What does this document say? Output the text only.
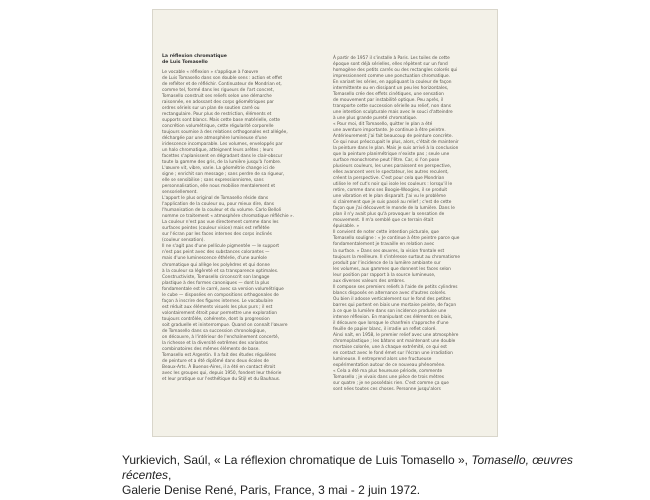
La réflexion chromatique
de Luis Tomasello

Le vocable « réflexion » s'applique à l'œuvre

de Luis Tomasello dans son double sens : action et effet

de refléter et de réfléchir. Continuateur de Mondrian et,

comme tel, formé dans les rigueurs de l'art concret,

Tomasello construit ses reliefs selon une démarche

raisonnée, en adossant des corps géométriques par

ordres sériels sur un plan de soutien carré ou

rectangulaire. Pour plus de restriction, éléments et

supports sont blancs. Mais cette base matérielle, cette

concrétion volumétrique, cette régularité corporelle

toujours soumise à des relations orthogonales est allégée,

déchargée par une atmosphère lumineuse d'une

iridescence incomparable. Les volumes, enveloppés par

un halo chromatique, atteignent leurs arêtes ; leurs

facettes s'aplanissent en dégradant dans le clair-obscur

toute la gamme des gris, de la lumière jusqu'à l'ombre.

L'œuvre vit, vibre, varie. La géométrie change ici de

signe ; enrichit son message ; sans perdre de sa rigueur,

elle se sensibilise ; sans expressionnisme, sans

personnalisation, elle nous mobilise mentalement et

sensoriellement.

L'apport le plus original de Tomasello réside dans

l'application de la couleur ou, pour mieux dire, dans

l'humanisation de la couleur et du volume. Carlo Belloli

nomme ce traitement « atmosphère chromatique réfléchie ».

La couleur n'est pas vue directement comme dans les

surfaces peintes (couleur vision) mais est reflétée

sur l'écran par les faces internes des corps inclinés

(couleur sensation).

Il ne s'agit pas d'une pellicule pigmentée — le support

n'est pas peint avec des substances colorantes —

mais d'une luminescence éthérée, d'une auréole

chromatique qui allège les polyèdres et qui donne

à la couleur sa légèreté et sa transparence optimales.

Constructiviste, Tomasello circonscrit son langage

plastique à des formes canoniques — dont la plus

fondamentale est le carré, avec sa version volumétrique

le cube — disposées en compositions orthogonales de

façon à inscrire des figures internes. Le vocabulaire

est réduit aux éléments visuels les plus purs ; il est

volontairement étroit pour permettre une exploration

toujours contrôlée, cohérente, dont la progression

soit graduelle et ininterrompue. Quand on connaît l'œuvre

de Tomasello dans sa succession chronologique,

on découvre, à l'intérieur de l'enchaînement concerté,

la richesse et la diversité extrêmes des variantes

combinatoires des mêmes éléments de base.

Tomasello est Argentin. Il a fait des études régulières

de peinture et a été diplômé dans deux écoles de

Beaux-Arts. À Buenos-Aires, il a été en contact étroit

avec les groupes qui, depuis 1950, fondent leur théorie

et leur pratique sur l'esthétique du Stijl et du Bauhaus.

À partir de 1957 il s'installe à Paris. Les toiles de cette

époque sont déjà sérielles, elles répètent sur un fond

homogène des petits carrés ou des rectangles colorés qui

impressionnent comme une ponctuation chromatique.

En variant les séries, en appliquant la couleur de façon

intermittente ou en dissipant un peu les horizontales,

Tomasello crée des effets cinétiques, une sensation

de mouvement par instabilité optique. Peu après, il

transporte cette succession sérielle au relief, non dans

une intention sculpturale mais avec le souci d'atteindre

à une plus grande pureté chromatique.

« Pour moi, dit Tomasello, quitter le plan a été

une aventure importante. Je continue à être peintre.

Antérieurement j'ai fait beaucoup de peinture concrète.

Ce qui nous préoccupait le plus, alors, c'était de maintenir

la peinture dans le plan. Mais je suis arrivé à la conclusion

que la peinture planimétrique n'existe pas ; seule une

surface monochrome peut l'être. Car, si l'on pose

plusieurs couleurs, les unes paraissent en perspective,

elles avancent vers le spectateur, les autres reculent,

créent la perspective. C'est pour cela que Mondrian

utilise le ref cut's noir qui isole les couleurs : lorsqu'il le

retire, comme dans ses Boogie-Woogies, il se produit

une vibration et le plan disparaît. J'ai vu le problème

si clairement que je suis passé au relief ; c'est de cette

façon que j'ai découvert le monde de la lumière. Dans le

plan il n'y avait plus qu'à provoquer la sensation de

mouvement. Il m'a semblé que ce terrain était

épuisable. »

Il convient de noter cette intention picturale, que

Tomasello souligne : « Je continue à être peintre parce que

fondamentalement je travaille en relation avec

la surface. » Dans ses œuvres, la vision frontale est

toujours la meilleure. Il s'intéresse surtout au chromatisme

produit par l'incidence de la lumière ambiante sur

les volumes, aux gammes que donnent les faces selon

leur position par rapport à la source lumineuse,

aux diverses valeurs des ombres.

Il compose ses premiers reliefs à l'aide de petits cylindres

blancs disposés en alternance avec d'autres colorés.

Ou bien il adosse verticalement sur le fond des petites

barres qui portent en biais une mortaise peinte, de façon

à ce que la lumière dans son incidence produise une

intense réflexion. En manipulant ces éléments en biais,

il découvre que lorsque le chanfrein s'approche d'une

feuille de papier blanc, il irradie un reflet coloré.

Ainsi naît, en 1958, le premier relief avec une atmosphère

chromoplastique ; les bâtons ont maintenant une double

mortaise colorée, une à chaque extrémité, ce qui est

en contact avec le fond émet sur l'écran une irradiation

lumineuse. Il entreprend alors une fructueuse

expérimentation autour de ce nouveau phénomène.

« Cela a été ma plus heureuse période, commente

Tomasello ; je vivais dans une pièce de trois mètres

sur quatre ; je ne possédais rien. C'est comme ça que

sont nées toutes ces choses. Personne jusqu'alors

Yurkievich, Saúl, « La réflexion chromatique de Luis Tomasello », Tomasello, œuvres récentes,
Galerie Denise René, Paris, France, 3 mai - 2 juin 1972.
